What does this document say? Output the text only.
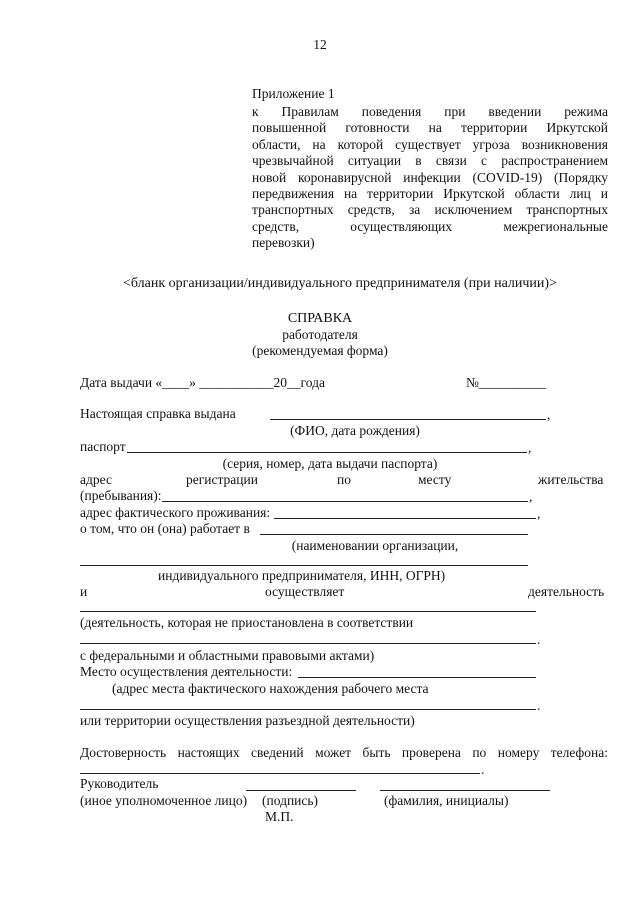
12
Приложение 1
к Правилам поведения при введении режима
повышенной готовности на территории Иркутской
области, на которой существует угроза возникновения
чрезвычайной ситуации в связи с распространением
новой коронавирусной инфекции (COVID-19) (Порядку
передвижения на территории Иркутской области лиц и
транспортных средств, за исключением транспортных
средств, осуществляющих межрегиональные
перевозки)
<бланк организации/индивидуального предпринимателя (при наличии)>
СПРАВКА
работодателя
(рекомендуемая форма)
Дата выдачи «____» ___________20__года	№__________
Настоящая справка выдана	,
(ФИО, дата рождения)
паспорт	,
(серия, номер, дата выдачи паспорта)
адрес	регистрации	по	месту	жительства
(пребывания):	,
адрес фактического проживания:	,
о том, что он (она) работает в
(наименовании организации,
индивидуального предпринимателя, ИНН, ОГРН)
и	осуществляет	деятельность
(деятельность, которая не приостановлена в соответствии
.
с федеральными и областными правовыми актами)
Место осуществления деятельности:
(адрес места фактического нахождения рабочего места
.
или территории осуществления разъездной деятельности)
Достоверность настоящих сведений может быть проверена по номеру телефона:
.
Руководитель
(иное уполномоченное лицо) (подпись)	(фамилия, инициалы)
М.П.
